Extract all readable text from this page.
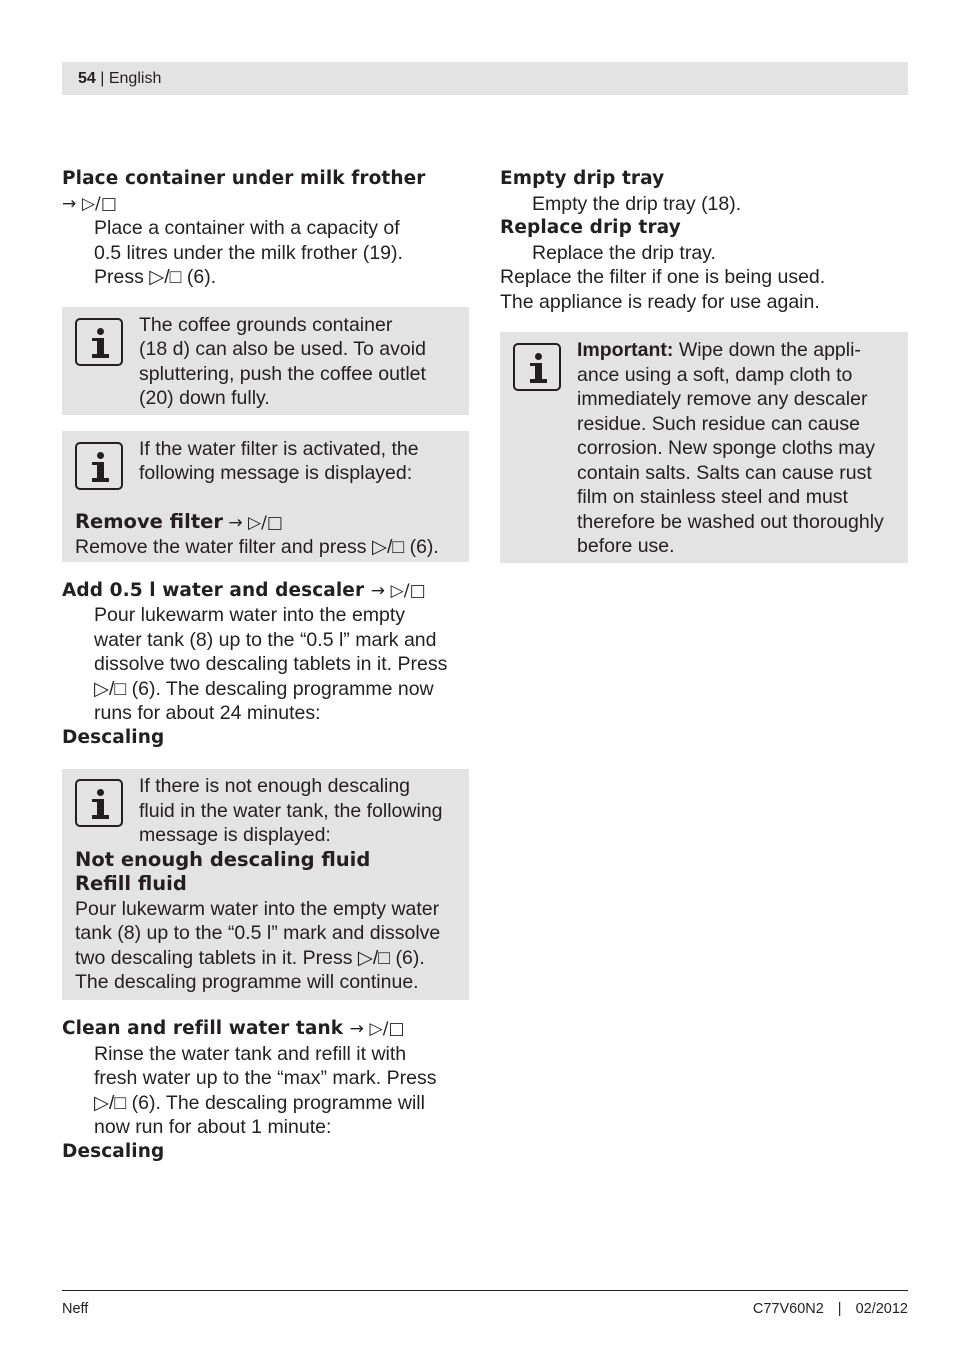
54 | English
Place container under milk frother
→ ▷/□
Place a container with a capacity of
0.5 litres under the milk frother (19).
Press ▷/□ (6).
The coffee grounds container
(18 d) can also be used. To avoid
spluttering, push the coffee outlet
(20) down fully.
If the water filter is activated, the
following message is displayed:
Remove filter → ▷/□
Remove the water filter and press ▷/□ (6).
Add 0.5 l water and descaler → ▷/□
Pour lukewarm water into the empty
water tank (8) up to the “0.5 l” mark and
dissolve two descaling tablets in it. Press
▷/□ (6). The descaling programme now
runs for about 24 minutes:
Descaling
If there is not enough descaling
fluid in the water tank, the following
message is displayed:
Not enough descaling fluid
Refill fluid
Pour lukewarm water into the empty water
tank (8) up to the “0.5 l” mark and dissolve
two descaling tablets in it. Press ▷/□ (6).
The descaling programme will continue.
Clean and refill water tank → ▷/□
Rinse the water tank and refill it with
fresh water up to the “max” mark. Press
▷/□ (6). The descaling programme will
now run for about 1 minute:
Descaling
Empty drip tray
Empty the drip tray (18).
Replace drip tray
Replace the drip tray.
Replace the filter if one is being used.
The appliance is ready for use again.
Important: Wipe down the appli-
ance using a soft, damp cloth to
immediately remove any descaler
residue. Such residue can cause
corrosion. New sponge cloths may
contain salts. Salts can cause rust
film on stainless steel and must
therefore be washed out thoroughly
before use.
Neff	C77V60N2 | 02/2012
